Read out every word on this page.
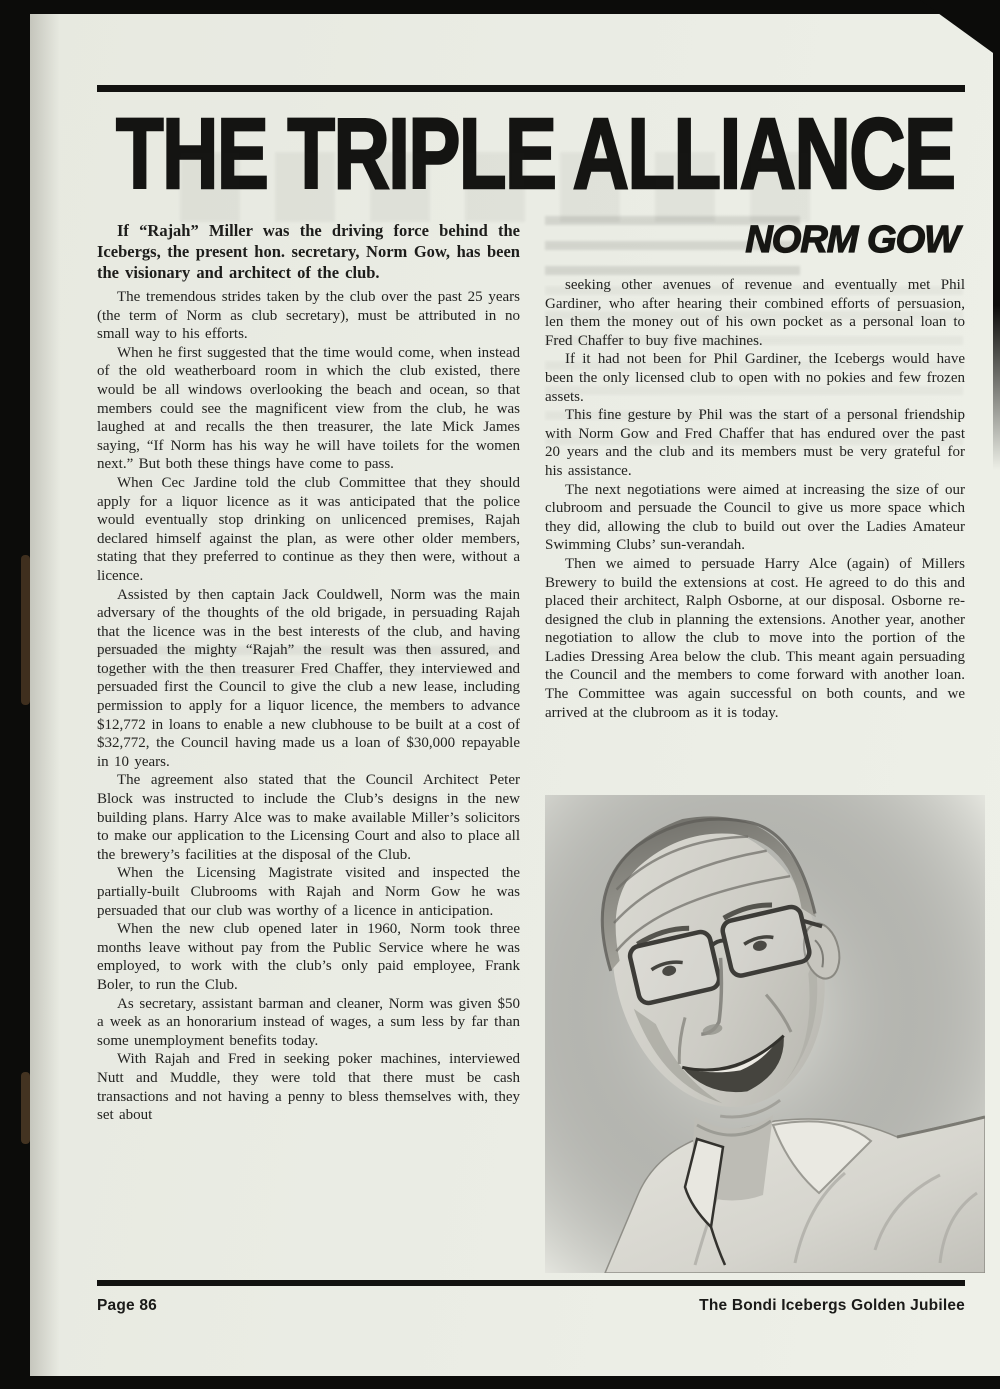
THE TRIPLE ALLIANCE

If “Rajah” Miller was the driving force behind the Icebergs, the present hon. secretary, Norm Gow, has been the visionary and architect of the club.

The tremendous strides taken by the club over the past 25 years (the term of Norm as club secretary), must be attributed in no small way to his efforts.

When he first suggested that the time would come, when instead of the old weatherboard room in which the club existed, there would be all windows overlooking the beach and ocean, so that members could see the magnificent view from the club, he was laughed at and recalls the then treasurer, the late Mick James saying, “If Norm has his way he will have toilets for the women next.” But both these things have come to pass.

When Cec Jardine told the club Committee that they should apply for a liquor licence as it was anticipated that the police would eventually stop drinking on unlicenced premises, Rajah declared himself against the plan, as were other older members, stating that they preferred to continue as they then were, without a licence.

Assisted by then captain Jack Couldwell, Norm was the main adversary of the thoughts of the old brigade, in persuading Rajah that the licence was in the best interests of the club, and having persuaded the mighty “Rajah” the result was then assured, and together with the then treasurer Fred Chaffer, they interviewed and persuaded first the Council to give the club a new lease, including permission to apply for a liquor licence, the members to advance $12,772 in loans to enable a new clubhouse to be built at a cost of $32,772, the Council having made us a loan of $30,000 repayable in 10 years.

The agreement also stated that the Council Architect Peter Block was instructed to include the Club’s designs in the new building plans. Harry Alce was to make available Miller’s solicitors to make our application to the Licensing Court and also to place all the brewery’s facilities at the disposal of the Club.

When the Licensing Magistrate visited and inspected the partially-built Clubrooms with Rajah and Norm Gow he was persuaded that our club was worthy of a licence in anticipation.

When the new club opened later in 1960, Norm took three months leave without pay from the Public Service where he was employed, to work with the club’s only paid employee, Frank Boler, to run the Club.

As secretary, assistant barman and cleaner, Norm was given $50 a week as an honorarium instead of wages, a sum less by far than some unemployment benefits today.

With Rajah and Fred in seeking poker machines, interviewed Nutt and Muddle, they were told that there must be cash transactions and not having a penny to bless themselves with, they set about

NORM GOW

seeking other avenues of revenue and eventually met Phil Gardiner, who after hearing their combined efforts of persuasion, len them the money out of his own pocket as a personal loan to Fred Chaffer to buy five machines.

If it had not been for Phil Gardiner, the Icebergs would have been the only licensed club to open with no pokies and few frozen assets.

This fine gesture by Phil was the start of a personal friendship with Norm Gow and Fred Chaffer that has endured over the past 20 years and the club and its members must be very grateful for his assistance.

The next negotiations were aimed at increasing the size of our clubroom and persuade the Council to give us more space which they did, allowing the club to build out over the Ladies Amateur Swimming Clubs’ sun-verandah.

Then we aimed to persuade Harry Alce (again) of Millers Brewery to build the extensions at cost. He agreed to do this and placed their architect, Ralph Osborne, at our disposal. Osborne re-designed the club in planning the extensions. Another year, another negotiation to allow the club to move into the portion of the Ladies Dressing Area below the club. This meant again persuading the Council and the members to come forward with another loan. The Committee was again successful on both counts, and we arrived at the clubroom as it is today.

Page 86	The Bondi Icebergs Golden Jubilee
